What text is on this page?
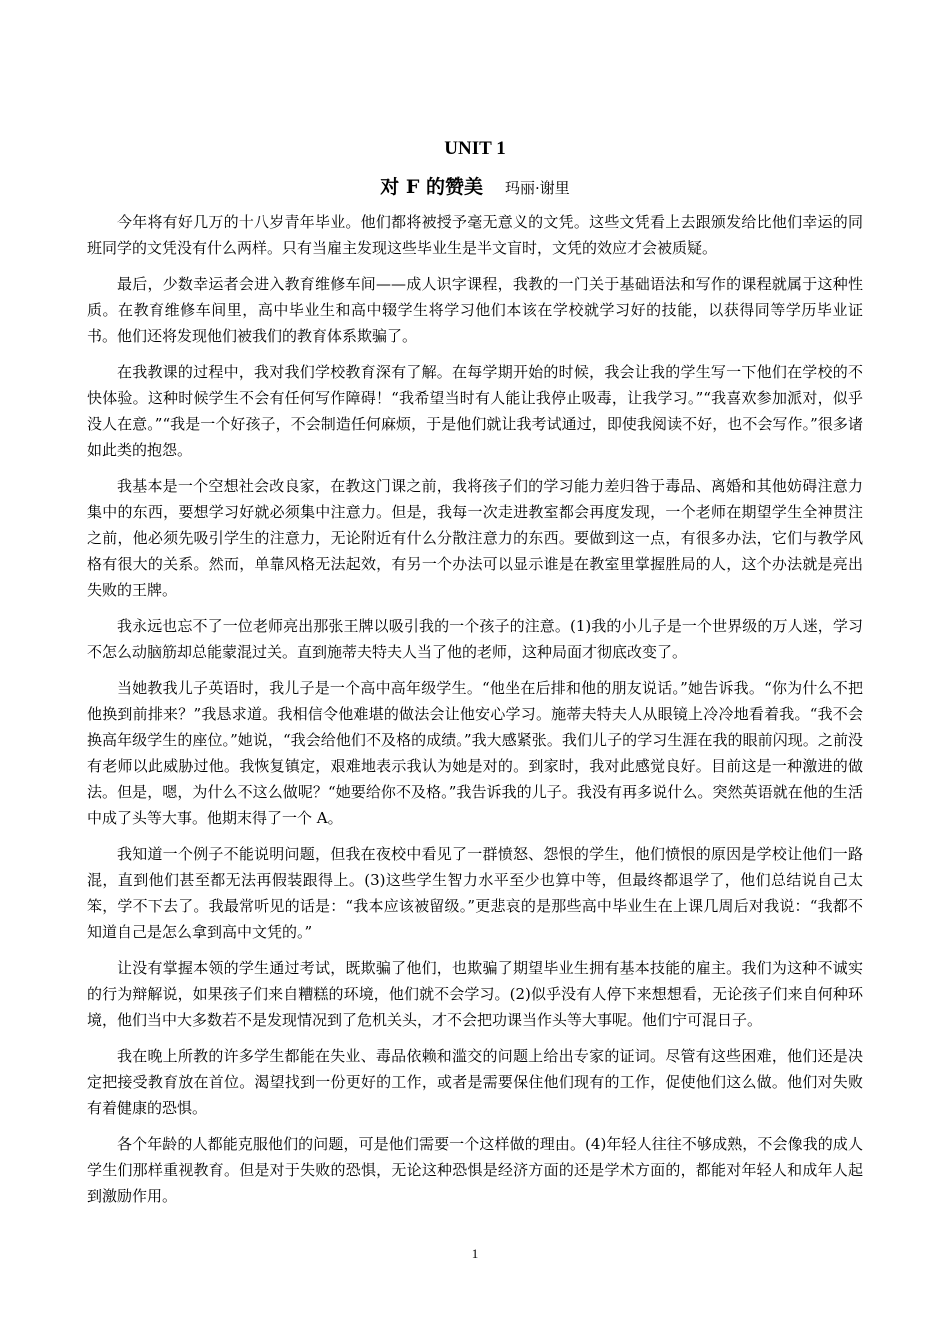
UNIT 1
对 F 的赞美 玛丽·谢里

今年将有好几万的十八岁青年毕业。他们都将被授予毫无意义的文凭。这些文凭看上去跟颁发给比他们幸运的同班同学的文凭没有什么两样。只有当雇主发现这些毕业生是半文盲时，文凭的效应才会被质疑。

最后，少数幸运者会进入教育维修车间——成人识字课程，我教的一门关于基础语法和写作的课程就属于这种性质。在教育维修车间里，高中毕业生和高中辍学生将学习他们本该在学校就学习好的技能，以获得同等学历毕业证书。他们还将发现他们被我们的教育体系欺骗了。

在我教课的过程中，我对我们学校教育深有了解。在每学期开始的时候，我会让我的学生写一下他们在学校的不快体验。这种时候学生不会有任何写作障碍！“我希望当时有人能让我停止吸毒，让我学习。”“我喜欢参加派对，似乎没人在意。”“我是一个好孩子，不会制造任何麻烦，于是他们就让我考试通过，即使我阅读不好，也不会写作。”很多诸如此类的抱怨。

我基本是一个空想社会改良家，在教这门课之前，我将孩子们的学习能力差归咎于毒品、离婚和其他妨碍注意力集中的东西，要想学习好就必须集中注意力。但是，我每一次走进教室都会再度发现，一个老师在期望学生全神贯注之前，他必须先吸引学生的注意力，无论附近有什么分散注意力的东西。要做到这一点，有很多办法，它们与教学风格有很大的关系。然而，单靠风格无法起效，有另一个办法可以显示谁是在教室里掌握胜局的人，这个办法就是亮出失败的王牌。

我永远也忘不了一位老师亮出那张王牌以吸引我的一个孩子的注意。(1)我的小儿子是一个世界级的万人迷，学习不怎么动脑筋却总能蒙混过关。直到施蒂夫特夫人当了他的老师，这种局面才彻底改变了。

当她教我儿子英语时，我儿子是一个高中高年级学生。“他坐在后排和他的朋友说话。”她告诉我。“你为什么不把他换到前排来？”我恳求道。我相信令他难堪的做法会让他安心学习。施蒂夫特夫人从眼镜上冷冷地看着我。“我不会换高年级学生的座位。”她说，“我会给他们不及格的成绩。”我大感紧张。我们儿子的学习生涯在我的眼前闪现。之前没有老师以此威胁过他。我恢复镇定，艰难地表示我认为她是对的。到家时，我对此感觉良好。目前这是一种激进的做法。但是，嗯，为什么不这么做呢？“她要给你不及格。”我告诉我的儿子。我没有再多说什么。突然英语就在他的生活中成了头等大事。他期末得了一个 A。

我知道一个例子不能说明问题，但我在夜校中看见了一群愤怒、怨恨的学生，他们愤恨的原因是学校让他们一路混，直到他们甚至都无法再假装跟得上。(3)这些学生智力水平至少也算中等，但最终都退学了，他们总结说自己太笨，学不下去了。我最常听见的话是：“我本应该被留级。”更悲哀的是那些高中毕业生在上课几周后对我说：“我都不知道自己是怎么拿到高中文凭的。”

让没有掌握本领的学生通过考试，既欺骗了他们，也欺骗了期望毕业生拥有基本技能的雇主。我们为这种不诚实的行为辩解说，如果孩子们来自糟糕的环境，他们就不会学习。(2)似乎没有人停下来想想看，无论孩子们来自何种环境，他们当中大多数若不是发现情况到了危机关头，才不会把功课当作头等大事呢。他们宁可混日子。

我在晚上所教的许多学生都能在失业、毒品依赖和滥交的问题上给出专家的证词。尽管有这些困难，他们还是决定把接受教育放在首位。渴望找到一份更好的工作，或者是需要保住他们现有的工作，促使他们这么做。他们对失败有着健康的恐惧。

各个年龄的人都能克服他们的问题，可是他们需要一个这样做的理由。(4)年轻人往往不够成熟，不会像我的成人学生们那样重视教育。但是对于失败的恐惧，无论这种恐惧是经济方面的还是学术方面的，都能对年轻人和成年人起到激励作用。

1
